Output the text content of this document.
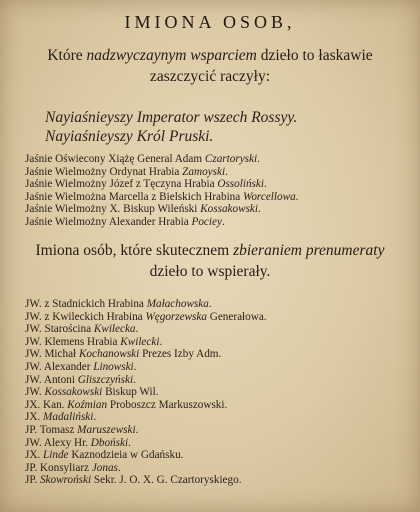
IMIONA OSOB,
Które nadzwyczaynym wsparciem dzieło to łaskawie
zaszczycić raczyły:
Nayiaśnieyszy Imperator wszech Rossyy.
Nayiaśnieyszy Król Pruski.
Jaśnie Oświecony Xiążę General Adam Czartoryski.
Jaśnie Wielmożny Ordynat Hrabia Zamoyski.
Jaśnie Wielmożny Józef z Tęczyna Hrabia Ossoliński.
Jaśnie Wielmożna Marcella z Bielskich Hrabina Worcellowa.
Jaśnie Wielmożny X. Biskup Wileński Kossakowski.
Jaśnie Wielmożny Alexander Hrabia Pociey.
Imiona osób, które skutecznem zbieraniem prenumeraty
dzieło to wspierały.
JW. z Stadnickich Hrabina Małachowska.
JW. z Kwileckich Hrabina Węgorzewska Generałowa.
JW. Starościna Kwilecka.
JW. Klemens Hrabia Kwilecki.
JW. Michał Kochanowski Prezes Izby Adm.
JW. Alexander Linowski.
JW. Antoni Gliszczyński.
JW. Kossakowski Biskup Wil.
JX. Kan. Koźmian Proboszcz Markuszowski.
JX. Madaliński.
JP. Tomasz Maruszewski.
JW. Alexy Hr. Dboński.
JX. Linde Kaznodzieia w Gdańsku.
JP. Konsyliarz Jonas.
JP. Skowroński Sekr. J. O. X. G. Czartoryskiego.
